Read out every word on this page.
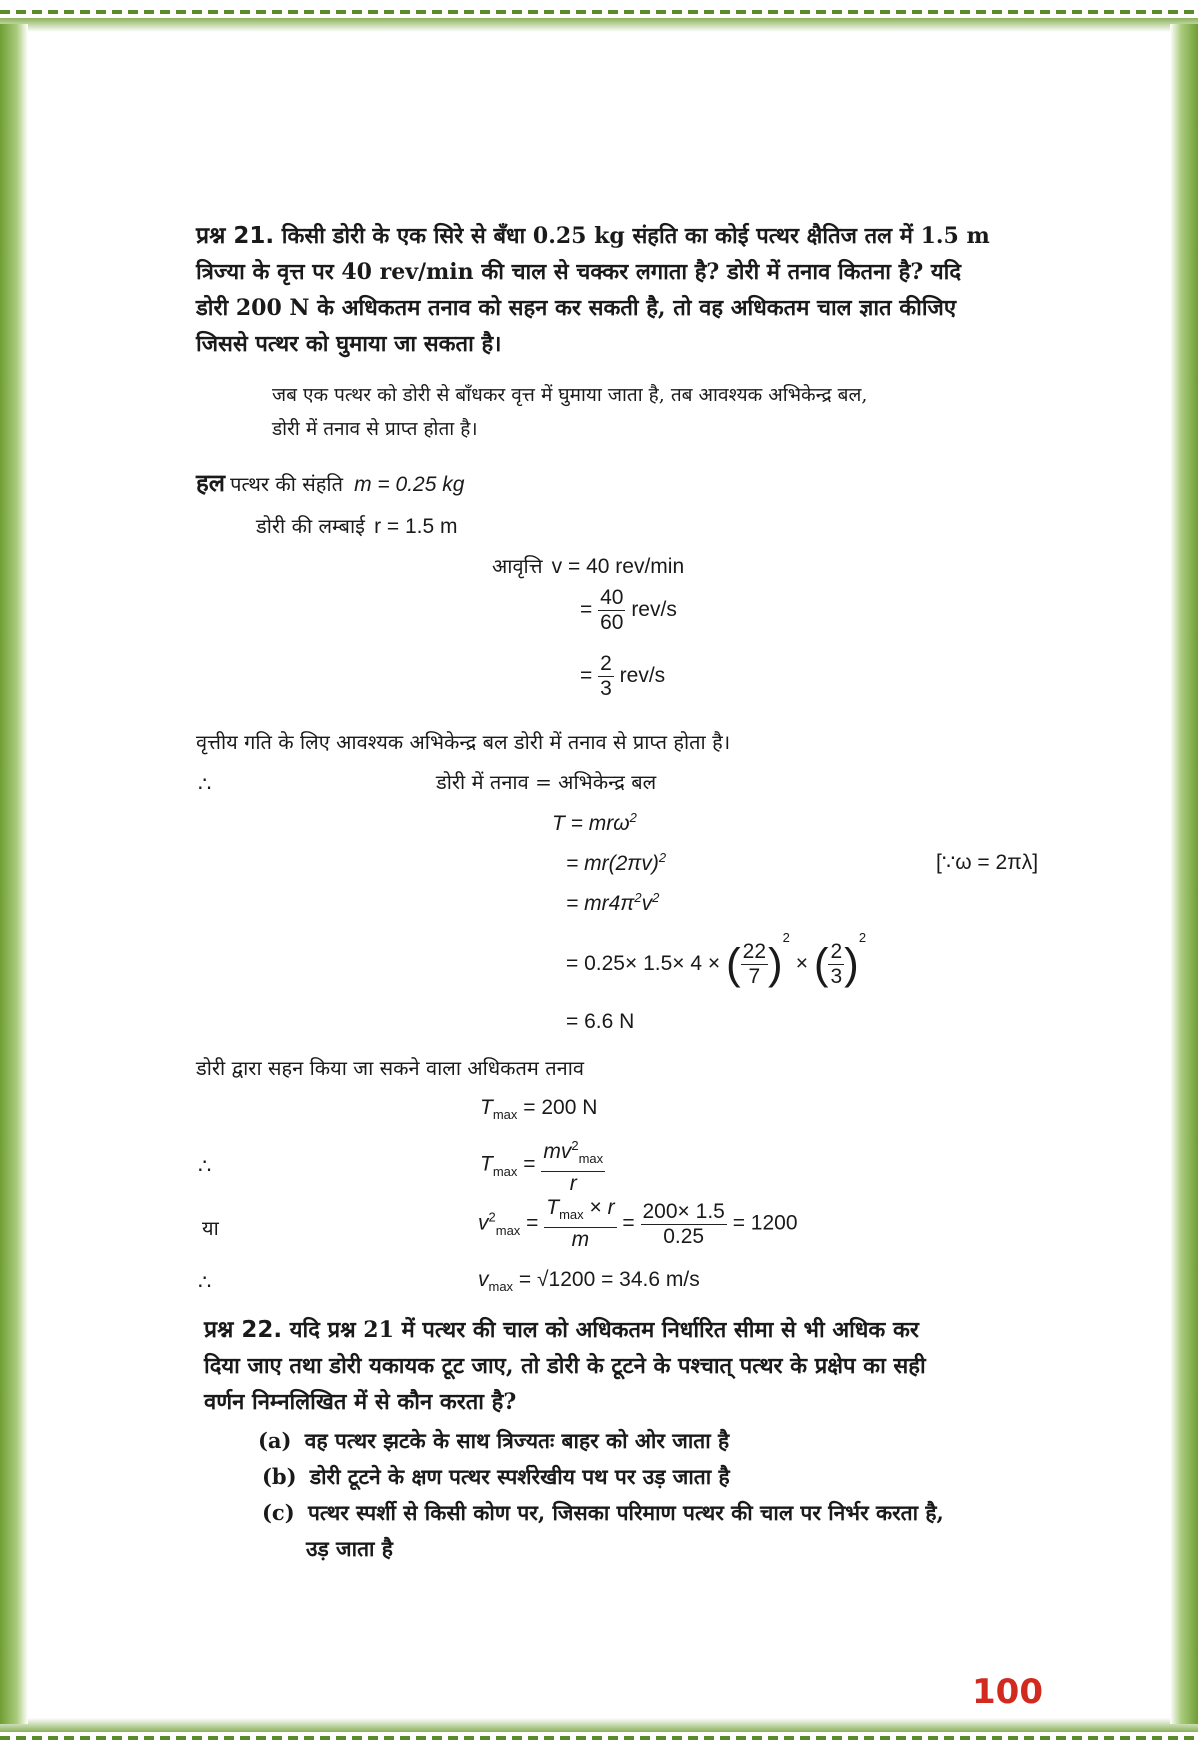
प्रश्न 21. किसी डोरी के एक सिरे से बँधा 0.25 kg संहति का कोई पत्थर क्षैतिज तल में 1.5 m
त्रिज्या के वृत्त पर 40 rev/min की चाल से चक्कर लगाता है? डोरी में तनाव कितना है? यदि
डोरी 200 N के अधिकतम तनाव को सहन कर सकती है, तो वह अधिकतम चाल ज्ञात कीजिए
जिससे पत्थर को घुमाया जा सकता है।
जब एक पत्थर को डोरी से बाँधकर वृत्त में घुमाया जाता है, तब आवश्यक अभिकेन्द्र बल,
डोरी में तनाव से प्राप्त होता है।
हल पत्थर की संहति m = 0.25 kg
डोरी की लम्बाई r = 1.5 m
आवृत्ति v = 40 rev/min
= $\frac{40}{60} rev/s$
= $\frac{2}{3} rev/s$
वृत्तीय गति के लिए आवश्यक अभिकेन्द्र बल डोरी में तनाव से प्राप्त होता है।
∴	डोरी में तनाव = अभिकेन्द्र बल
T = mrω$^2$
= $mr(2\pi v)^2$	[∵ω = 2πλ]
= $mr4\pi^2v^2$
= 0.25× 1.5× 4 × ( $\frac{22}{7} )^2$ × ( $\frac{2}{3} )^2$
= 6.6 N
डोरी द्वारा सहन किया जा सकने वाला अधिकतम तनाव
$T_{max} = 200$ N
∴	$T_{max} = \frac{mv^2_{max}}{r}$
या	$v^2_{max} = \frac{T_{max} \times r}{m} = \frac{200\times 1.5}{0.25} = 1200$
∴	$v_{max} = √1200 = 34.6$ m/s
प्रश्न 22. यदि प्रश्न 21 में पत्थर की चाल को अधिकतम निर्धारित सीमा से भी अधिक कर
दिया जाए तथा डोरी यकायक टूट जाए, तो डोरी के टूटने के पश्चात् पत्थर के प्रक्षेप का सही
वर्णन निम्नलिखित में से कौन करता है?
(a) वह पत्थर झटके के साथ त्रिज्यतः बाहर को ओर जाता है
(b) डोरी टूटने के क्षण पत्थर स्पर्शरेखीय पथ पर उड़ जाता है
(c) पत्थर स्पर्शी से किसी कोण पर, जिसका परिमाण पत्थर की चाल पर निर्भर करता है,
उड़ जाता है
100
